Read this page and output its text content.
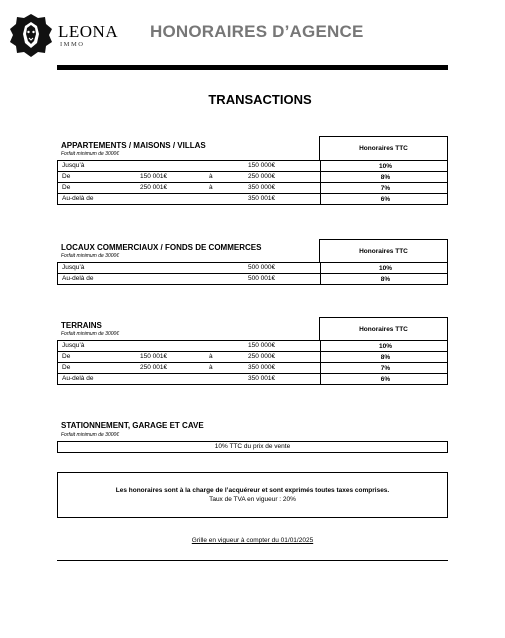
LEONA
IMMO
HONORAIRES D’AGENCE
TRANSACTIONS
APPARTEMENTS / MAISONS / VILLAS
Forfait minimum de 3000€
Honoraires TTC
Jusqu’à	150 000€	10%
De	150 001€	à	250 000€	8%
De	250 001€	à	350 000€	7%
Au-delà de	350 001€	6%
LOCAUX COMMERCIAUX / FONDS DE COMMERCES
Forfait minimum de 3000€
Honoraires TTC
Jusqu’à	500 000€	10%
Au-delà de	500 001€	8%
TERRAINS
Forfait minimum de 3000€
Honoraires TTC
Jusqu’à	150 000€	10%
De	150 001€	à	250 000€	8%
De	250 001€	à	350 000€	7%
Au-delà de	350 001€	6%
STATIONNEMENT, GARAGE ET CAVE
Forfait minimum de 3000€
10% TTC du prix de vente
Les honoraires sont à la charge de l’acquéreur et sont exprimés toutes taxes comprises.
Taux de TVA en vigueur : 20%
Grille en vigueur à compter du 01/01/2025
